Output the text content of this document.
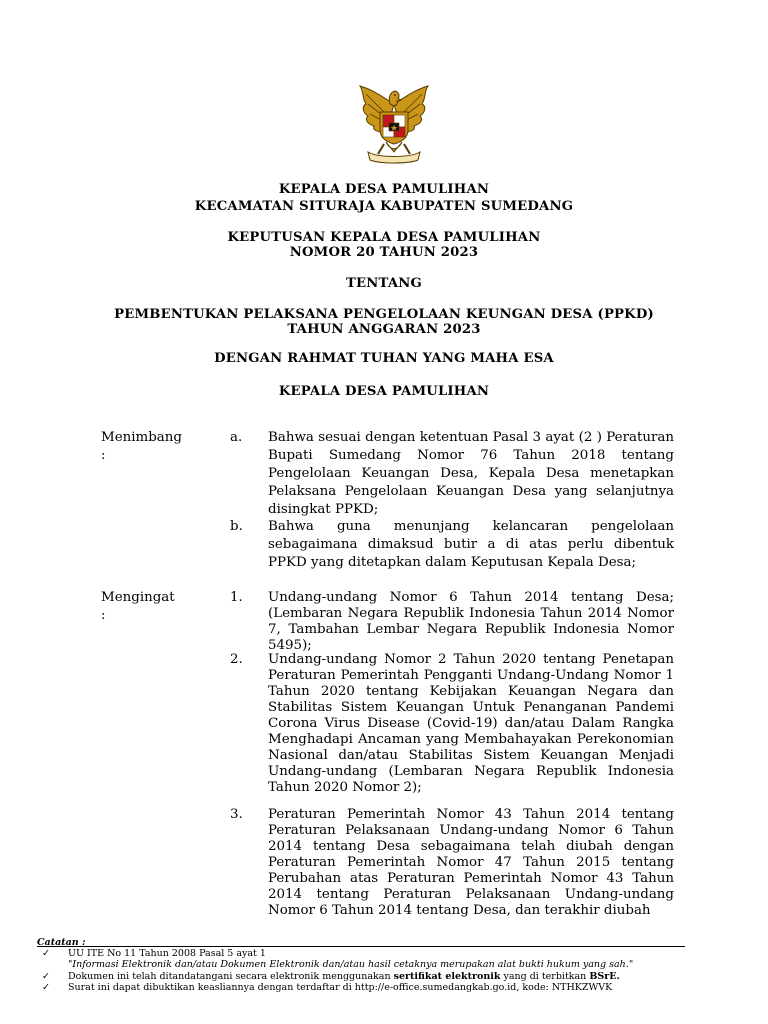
KEPALA DESA PAMULIHAN
KECAMATAN SITURAJA KABUPATEN SUMEDANG
KEPUTUSAN KEPALA DESA PAMULIHAN
NOMOR 20 TAHUN 2023
TENTANG
PEMBENTUKAN PELAKSANA PENGELOLAAN KEUNGAN DESA (PPKD)
TAHUN ANGGARAN 2023
DENGAN RAHMAT TUHAN YANG MAHA ESA
KEPALA DESA PAMULIHAN
Menimbang
:
a.	Bahwa sesuai dengan ketentuan Pasal 3 ayat (2 ) Peraturan Bupati Sumedang Nomor 76 Tahun 2018 tentang Pengelolaan Keuangan Desa, Kepala Desa menetapkan Pelaksana Pengelolaan Keuangan Desa yang selanjutnya disingkat PPKD;
b.	Bahwa guna menunjang kelancaran pengelolaan sebagaimana dimaksud butir a di atas perlu dibentuk PPKD yang ditetapkan dalam Keputusan Kepala Desa;
Mengingat
:
1.	Undang-undang Nomor 6 Tahun 2014 tentang Desa; (Lembaran Negara Republik Indonesia Tahun 2014 Nomor 7, Tambahan Lembar Negara Republik Indonesia Nomor 5495);
2.	Undang-undang Nomor 2 Tahun 2020 tentang Penetapan Peraturan Pemerintah Pengganti Undang-Undang Nomor 1 Tahun 2020 tentang Kebijakan Keuangan Negara dan Stabilitas Sistem Keuangan Untuk Penanganan Pandemi Corona Virus Disease (Covid-19) dan/atau Dalam Rangka Menghadapi Ancaman yang Membahayakan Perekonomian Nasional dan/atau Stabilitas Sistem Keuangan Menjadi Undang-undang (Lembaran Negara Republik Indonesia Tahun 2020 Nomor 2);
3.	Peraturan Pemerintah Nomor 43 Tahun 2014 tentang Peraturan Pelaksanaan Undang-undang Nomor 6 Tahun 2014 tentang Desa sebagaimana telah diubah dengan Peraturan Pemerintah Nomor 47 Tahun 2015 tentang Perubahan atas Peraturan Pemerintah Nomor 43 Tahun 2014 tentang Peraturan Pelaksanaan Undang-undang Nomor 6 Tahun 2014 tentang Desa, dan terakhir diubah
Catatan :
✓ UU ITE No 11 Tahun 2008 Pasal 5 ayat 1
"Informasi Elektronik dan/atau Dokumen Elektronik dan/atau hasil cetaknya merupakan alat bukti hukum yang sah."
✓ Dokumen ini telah ditandatangani secara elektronik menggunakan sertifikat elektronik yang di terbitkan BSrE.
✓ Surat ini dapat dibuktikan keasliannya dengan terdaftar di http://e-office.sumedangkab.go.id, kode: NTHKZWVK
